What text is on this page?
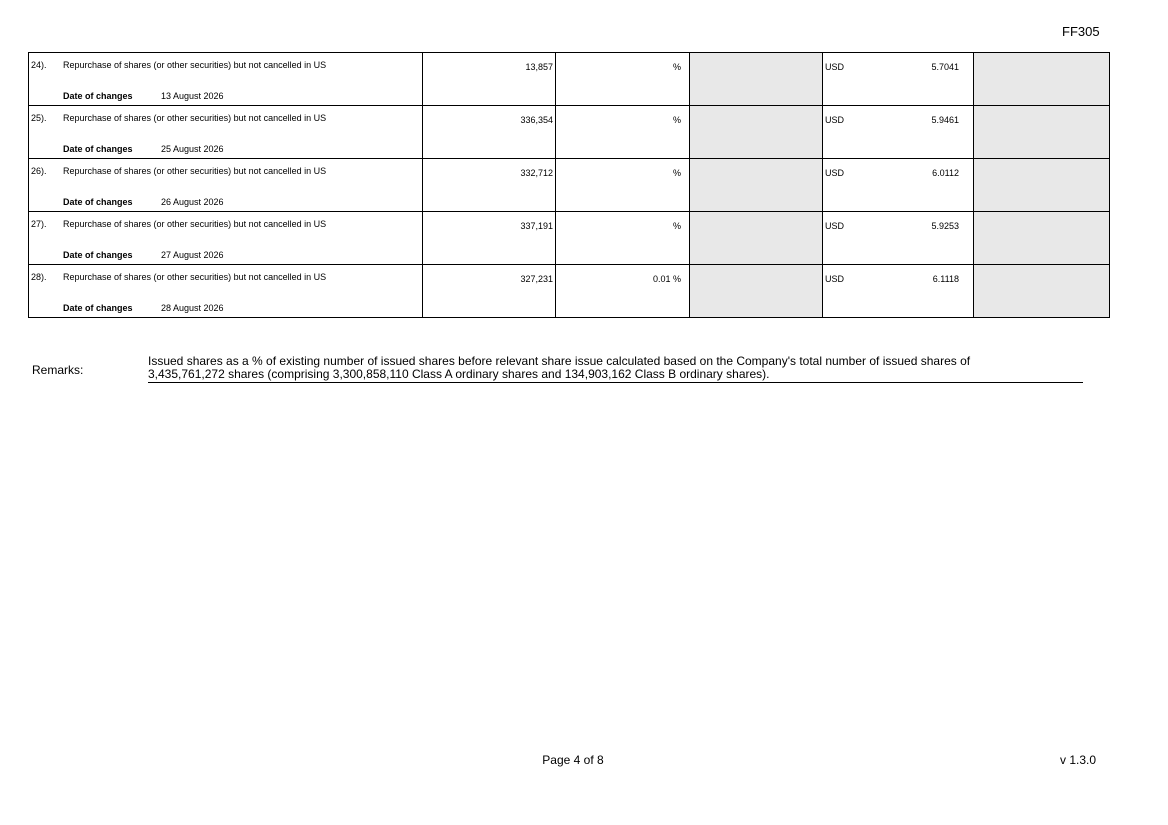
FF305
24). Repurchase of shares (or other securities) but not cancelled in US
Date of changes 13 August 2026	13,857	%		USD 5.7041	

25). Repurchase of shares (or other securities) but not cancelled in US
Date of changes 25 August 2026	336,354	%		USD 5.9461	

26). Repurchase of shares (or other securities) but not cancelled in US
Date of changes 26 August 2026	332,712	%		USD 6.0112	

27). Repurchase of shares (or other securities) but not cancelled in US
Date of changes 27 August 2026	337,191	%		USD 5.9253	

28). Repurchase of shares (or other securities) but not cancelled in US
Date of changes 28 August 2026	327,231	0.01 %		USD 6.1118	

Remarks:
Issued shares as a % of existing number of issued shares before relevant share issue calculated based on the Company's total number of issued shares of
3,435,761,272 shares (comprising 3,300,858,110 Class A ordinary shares and 134,903,162 Class B ordinary shares).
Page 4 of 8	v 1.3.0
